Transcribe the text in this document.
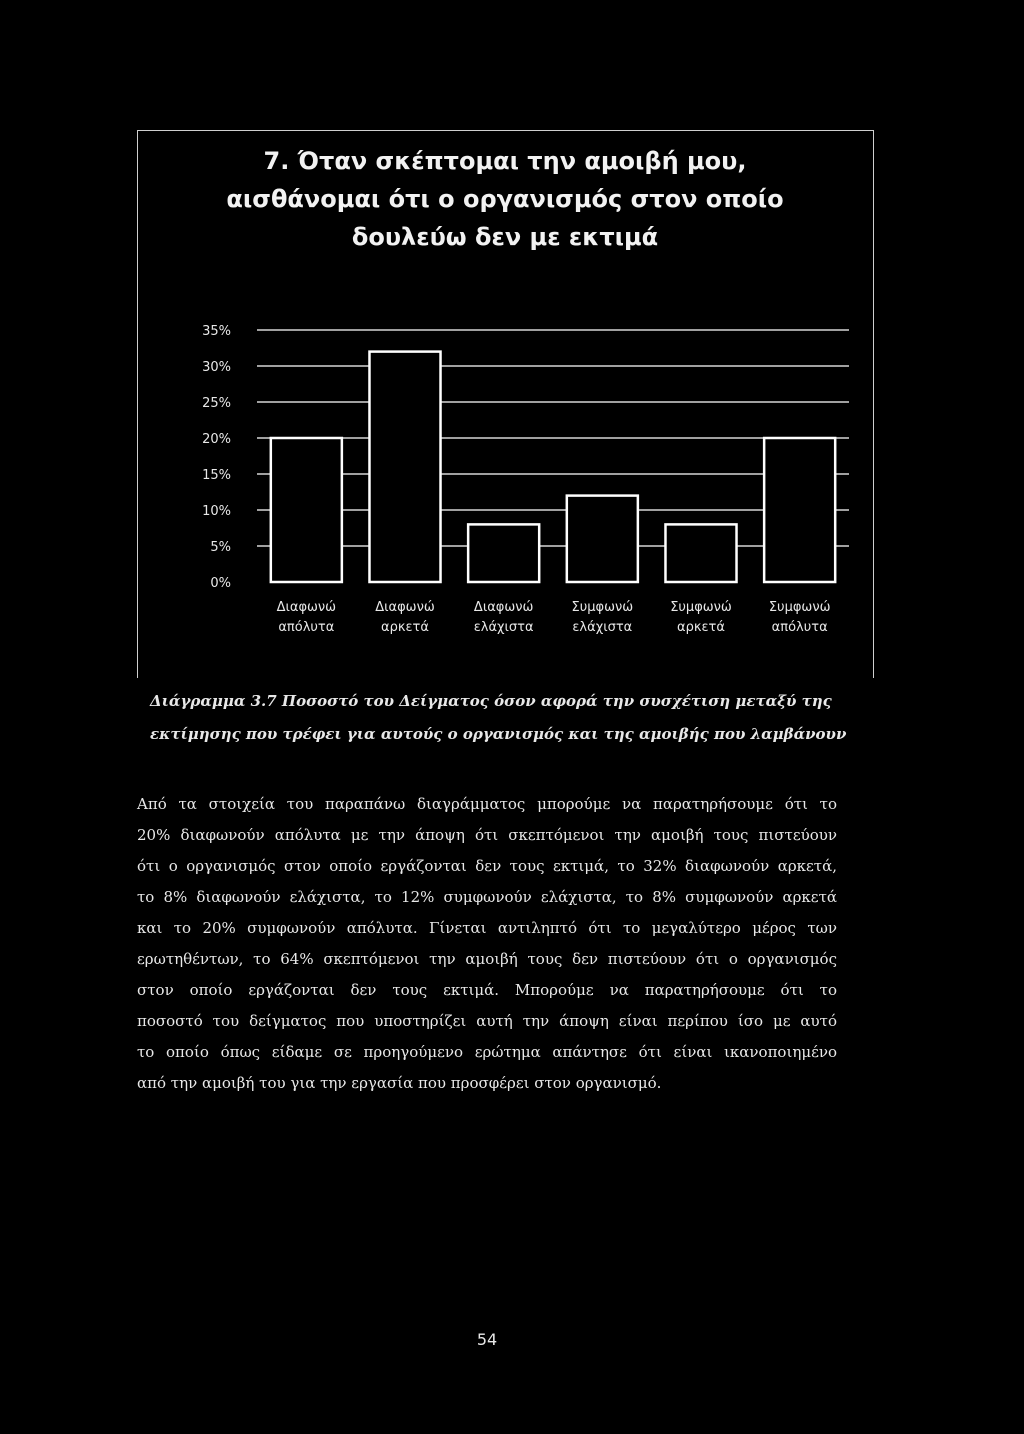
7. Όταν σκέπτομαι την αμοιβή μου,
αισθάνομαι ότι ο οργανισμός στον οποίο
δουλεύω δεν με εκτιμά
0%
5%
10%
15%
20%
25%
30%
35%
Διαφωνώ
απόλυτα
Διαφωνώ
αρκετά
Διαφωνώ
ελάχιστα
Συμφωνώ
ελάχιστα
Συμφωνώ
αρκετά
Συμφωνώ
απόλυτα

Διάγραμμα 3.7 Ποσοστό του Δείγματος όσον αφορά την συσχέτιση μεταξύ της
εκτίμησης που τρέφει για αυτούς ο οργανισμός και της αμοιβής που λαμβάνουν

Από τα στοιχεία του παραπάνω διαγράμματος μπορούμε να παρατηρήσουμε ότι το
20% διαφωνούν απόλυτα με την άποψη ότι σκεπτόμενοι την αμοιβή τους πιστεύουν
ότι ο οργανισμός στον οποίο εργάζονται δεν τους εκτιμά, το 32% διαφωνούν αρκετά,
το 8% διαφωνούν ελάχιστα, το 12% συμφωνούν ελάχιστα, το 8% συμφωνούν αρκετά
και το 20% συμφωνούν απόλυτα. Γίνεται αντιληπτό ότι το μεγαλύτερο μέρος των
ερωτηθέντων, το 64% σκεπτόμενοι την αμοιβή τους δεν πιστεύουν ότι ο οργανισμός
στον οποίο εργάζονται δεν τους εκτιμά. Μπορούμε να παρατηρήσουμε ότι το
ποσοστό του δείγματος που υποστηρίζει αυτή την άποψη είναι περίπου ίσο με αυτό
το οποίο όπως είδαμε σε προηγούμενο ερώτημα απάντησε ότι είναι ικανοποιημένο
από την αμοιβή του για την εργασία που προσφέρει στον οργανισμό.

54
